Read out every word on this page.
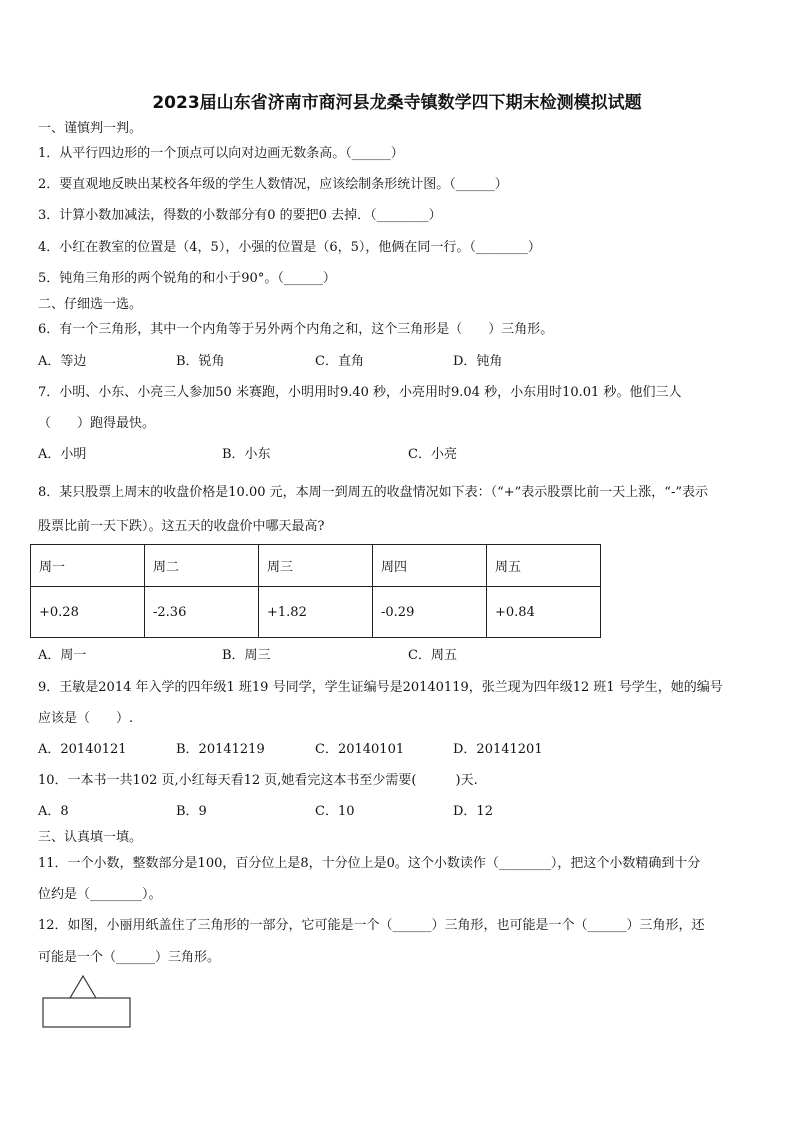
2023届山东省济南市商河县龙桑寺镇数学四下期末检测模拟试题
一、谨慎判一判。
1．从平行四边形的一个顶点可以向对边画无数条高。（______）
2．要直观地反映出某校各年级的学生人数情况，应该绘制条形统计图。（______）
3．计算小数加减法，得数的小数部分有0 的要把0 去掉．（________）
4．小红在教室的位置是（4，5），小强的位置是（6，5），他俩在同一行。（________）
5．钝角三角形的两个锐角的和小于90°。（______）
二、仔细选一选。
6．有一个三角形，其中一个内角等于另外两个内角之和，这个三角形是（　　）三角形。
A．等边	B．锐角	C．直角	D．钝角
7．小明、小东、小亮三人参加50 米赛跑，小明用时9.40 秒，小亮用时9.04 秒，小东用时10.01 秒。他们三人
（　　）跑得最快。
A．小明	B．小东	C．小亮
8．某只股票上周末的收盘价格是10.00 元，本周一到周五的收盘情况如下表：（“+”表示股票比前一天上涨，“-”表示
股票比前一天下跌）。这五天的收盘价中哪天最高?
周一	周二	周三	周四	周五
+0.28	-2.36	+1.82	-0.29	+0.84
A．周一	B．周三	C．周五
9．王敏是2014 年入学的四年级1 班19 号同学，学生证编号是20140119，张兰现为四年级12 班1 号学生，她的编号
应该是（　　）.
A．20140121	B．20141219	C．20140101	D．20141201
10．一本书一共102 页,小红每天看12 页,她看完这本书至少需要(　　　)天.
A．8	B．9	C．10	D．12
三、认真填一填。
11．一个小数，整数部分是100，百分位上是8，十分位上是0。这个小数读作（________），把这个小数精确到十分
位约是（________）。
12．如图，小丽用纸盖住了三角形的一部分，它可能是一个（______）三角形，也可能是一个（______）三角形，还
可能是一个（______）三角形。
